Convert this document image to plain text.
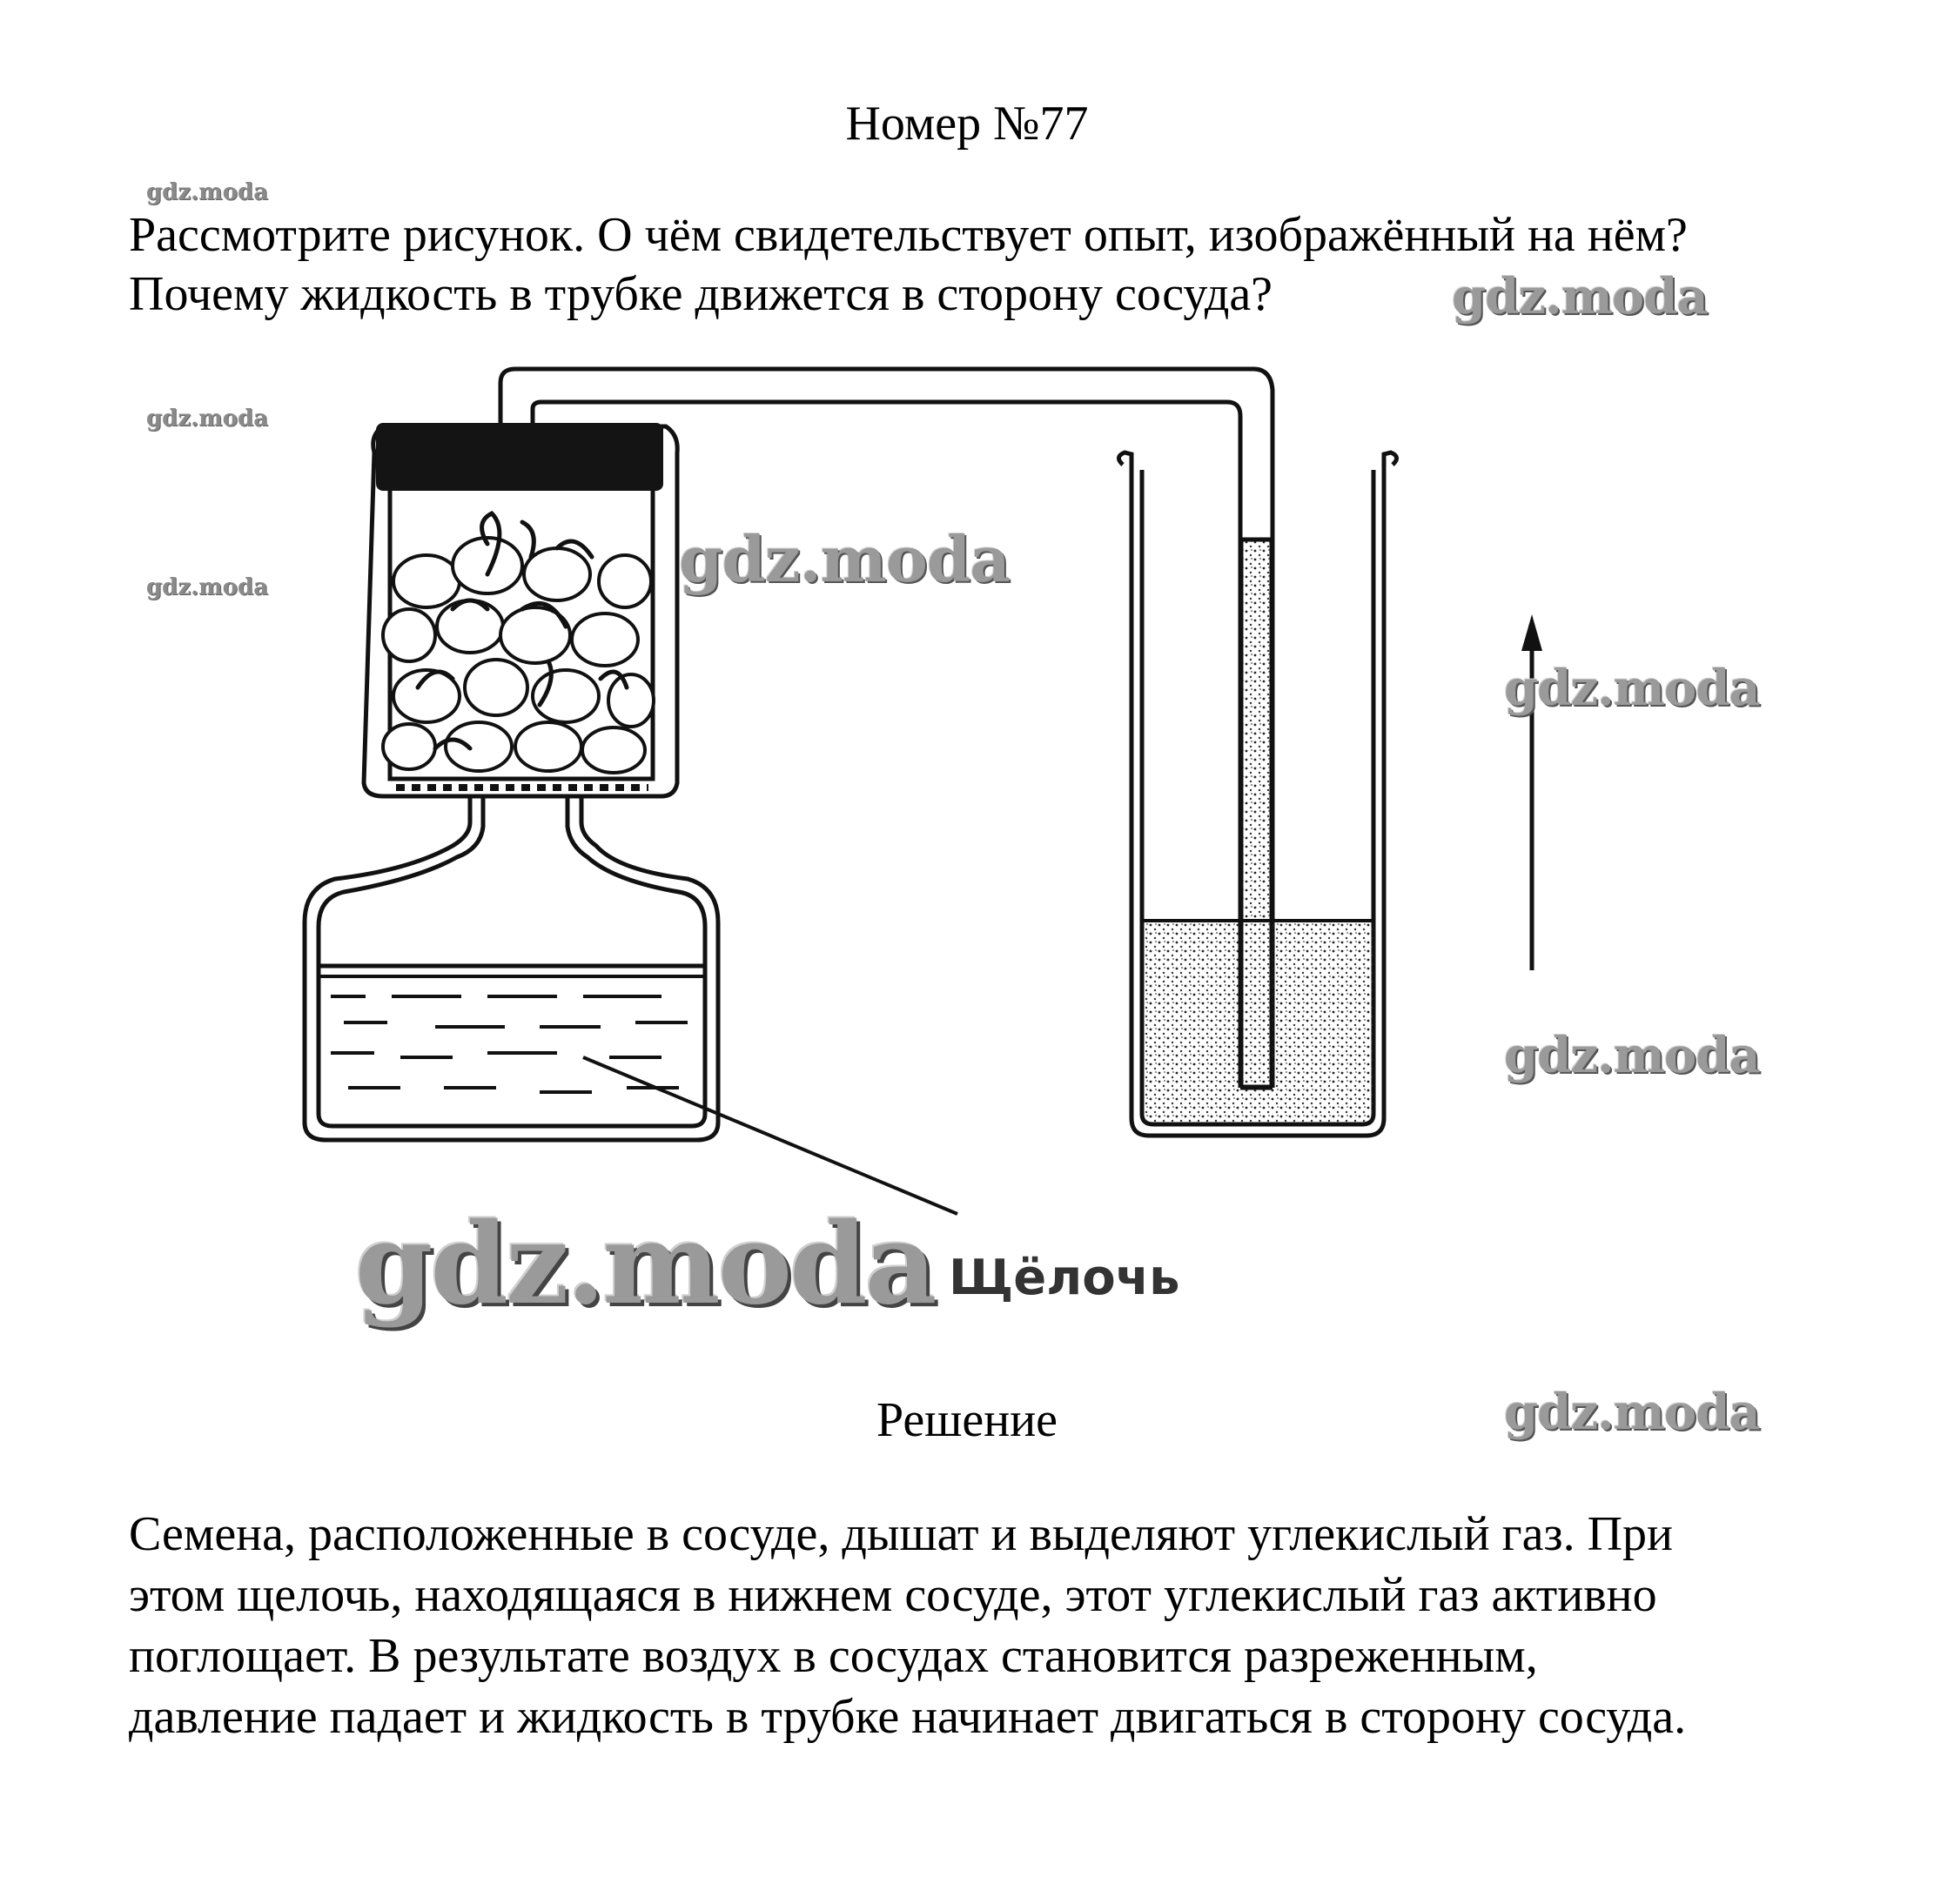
Номер №77

Рассмотрите рисунок. О чём свидетельствует опыт, изображённый на нём?

Почему жидкость в трубке движется в сторону сосуда?

Щёлочь
gdz.moda
gdz.moda
gdz.moda
gdz.moda
gdz.moda
gdz.moda
gdz.moda
gdz.moda
gdz.moda
Решение

Семена, расположенные в сосуде, дышат и выделяют углекислый газ. При

этом щелочь, находящаяся в нижнем сосуде, этот углекислый газ активно

поглощает. В результате воздух в сосудах становится разреженным,

давление падает и жидкость в трубке начинает двигаться в сторону сосуда.
